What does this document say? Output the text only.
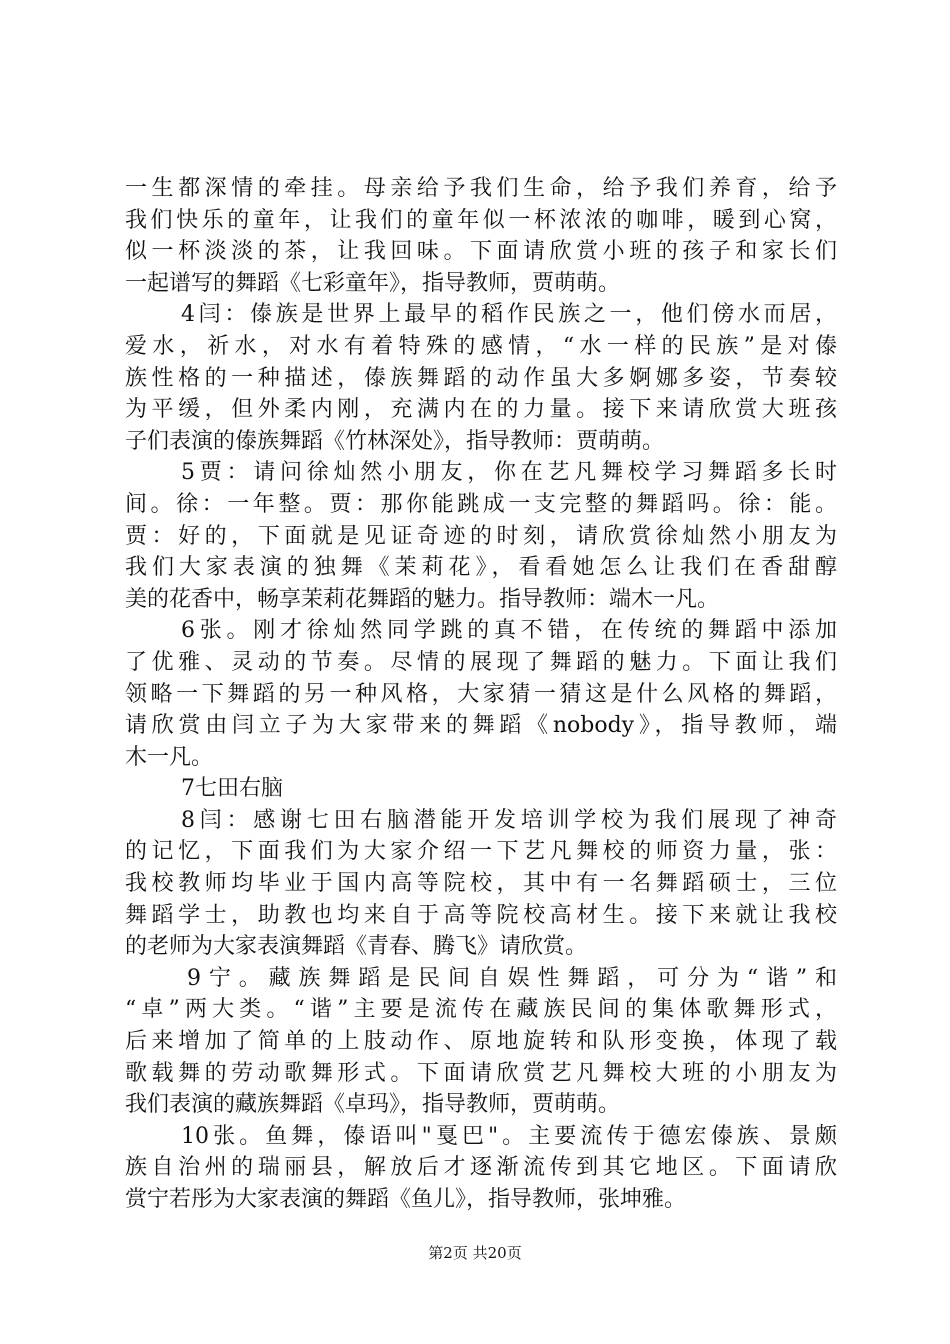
一生都深情的牵挂。母亲给予我们生命，给予我们养育，给予
我们快乐的童年，让我们的童年似一杯浓浓的咖啡，暖到心窝，
似一杯淡淡的茶，让我回味。下面请欣赏小班的孩子和家长们
一起谱写的舞蹈《七彩童年》，指导教师，贾萌萌。
4闫：傣族是世界上最早的稻作民族之一，他们傍水而居，
爱水，祈水，对水有着特殊的感情，“水一样的民族”是对傣
族性格的一种描述，傣族舞蹈的动作虽大多婀娜多姿，节奏较
为平缓，但外柔内刚，充满内在的力量。接下来请欣赏大班孩
子们表演的傣族舞蹈《竹林深处》，指导教师：贾萌萌。
5贾：请问徐灿然小朋友，你在艺凡舞校学习舞蹈多长时
间。徐：一年整。贾：那你能跳成一支完整的舞蹈吗。徐：能。
贾：好的，下面就是见证奇迹的时刻，请欣赏徐灿然小朋友为
我们大家表演的独舞《茉莉花》，看看她怎么让我们在香甜醇
美的花香中，畅享茉莉花舞蹈的魅力。指导教师：端木一凡。
6张。刚才徐灿然同学跳的真不错，在传统的舞蹈中添加
了优雅、灵动的节奏。尽情的展现了舞蹈的魅力。下面让我们
领略一下舞蹈的另一种风格，大家猜一猜这是什么风格的舞蹈，
请欣赏由闫立子为大家带来的舞蹈《nobody》，指导教师，端
木一凡。
7七田右脑
8闫：感谢七田右脑潜能开发培训学校为我们展现了神奇
的记忆，下面我们为大家介绍一下艺凡舞校的师资力量，张：
我校教师均毕业于国内高等院校，其中有一名舞蹈硕士，三位
舞蹈学士，助教也均来自于高等院校高材生。接下来就让我校
的老师为大家表演舞蹈《青春、腾飞》请欣赏。
9宁。藏族舞蹈是民间自娱性舞蹈，可分为“谐”和
“卓”两大类。“谐”主要是流传在藏族民间的集体歌舞形式，
后来增加了简单的上肢动作、原地旋转和队形变换，体现了载
歌载舞的劳动歌舞形式。下面请欣赏艺凡舞校大班的小朋友为
我们表演的藏族舞蹈《卓玛》，指导教师，贾萌萌。
10张。鱼舞，傣语叫"戛巴"。主要流传于德宏傣族、景颇
族自治州的瑞丽县，解放后才逐渐流传到其它地区。下面请欣
赏宁若彤为大家表演的舞蹈《鱼儿》，指导教师，张坤雅。
第2页 共20页
